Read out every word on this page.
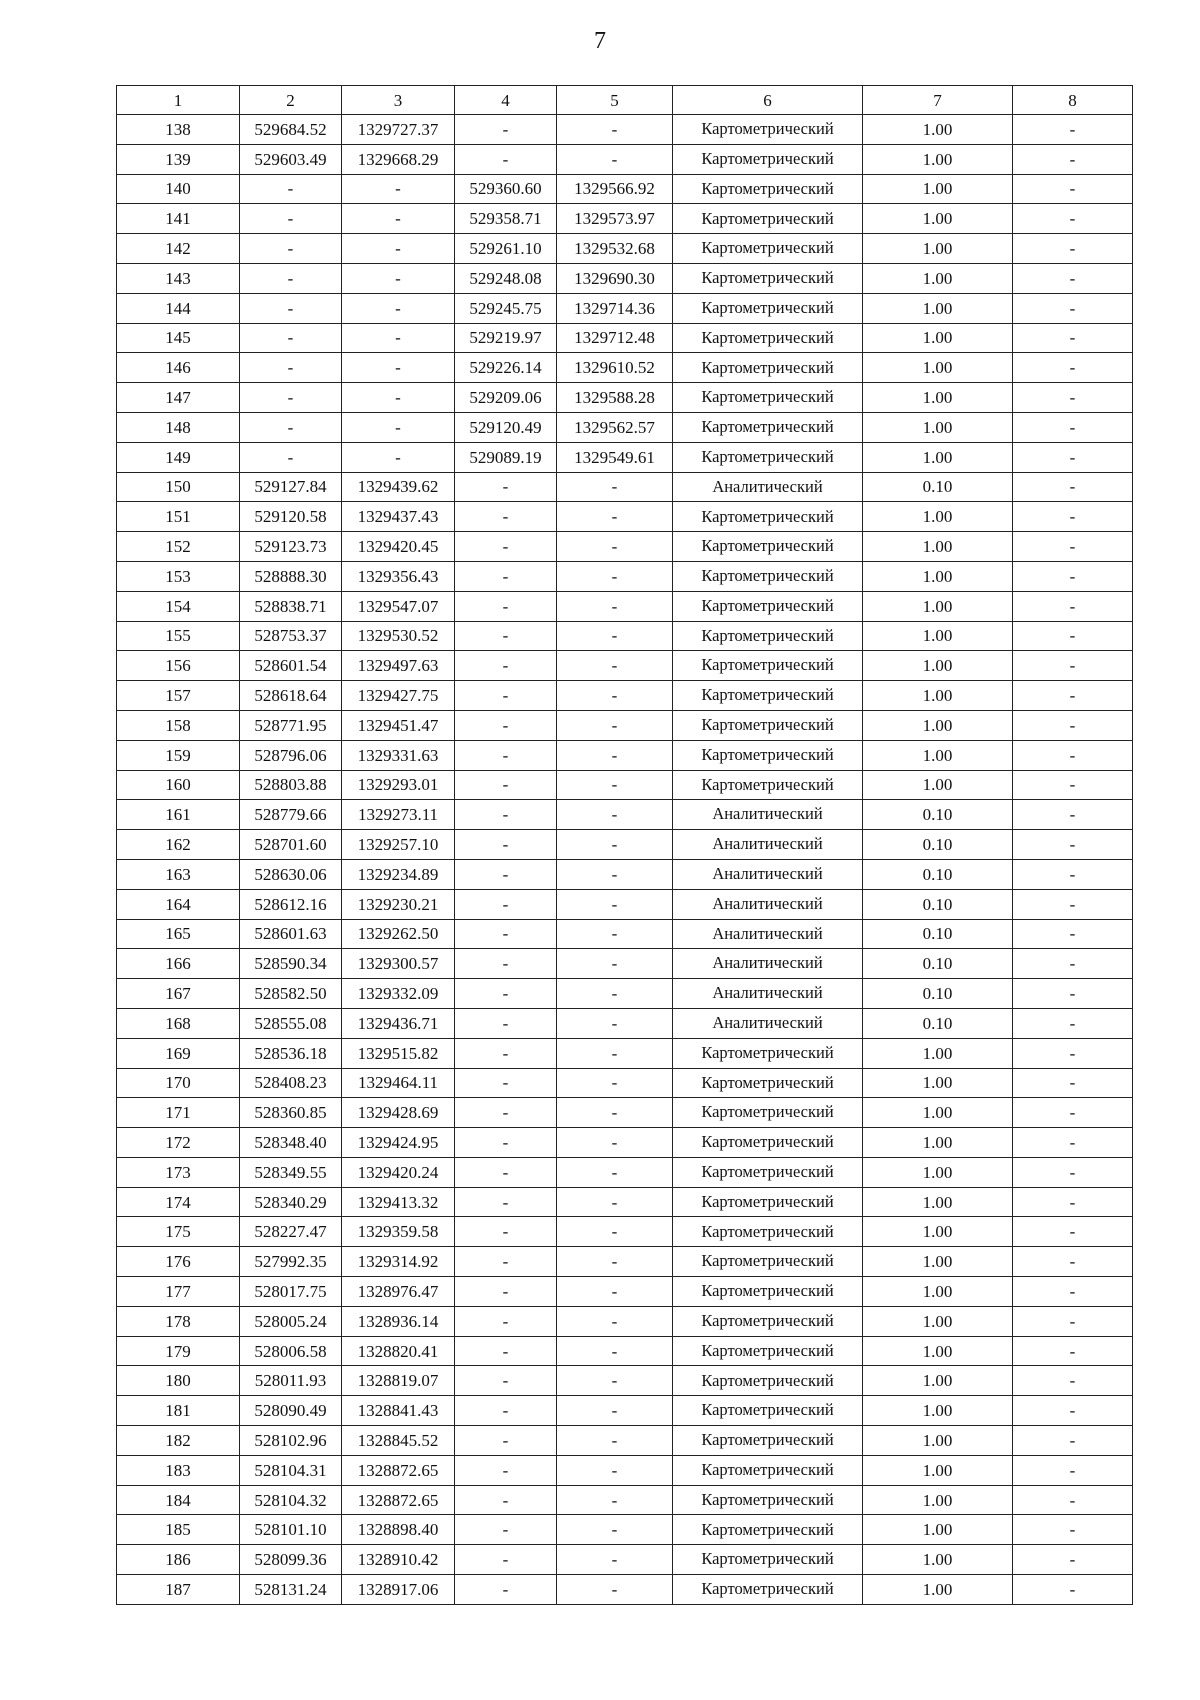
7
1	2	3	4	5	6	7	8
138	529684.52	1329727.37	-	-	Картометрический	1.00	-
139	529603.49	1329668.29	-	-	Картометрический	1.00	-
140	-	-	529360.60	1329566.92	Картометрический	1.00	-
141	-	-	529358.71	1329573.97	Картометрический	1.00	-
142	-	-	529261.10	1329532.68	Картометрический	1.00	-
143	-	-	529248.08	1329690.30	Картометрический	1.00	-
144	-	-	529245.75	1329714.36	Картометрический	1.00	-
145	-	-	529219.97	1329712.48	Картометрический	1.00	-
146	-	-	529226.14	1329610.52	Картометрический	1.00	-
147	-	-	529209.06	1329588.28	Картометрический	1.00	-
148	-	-	529120.49	1329562.57	Картометрический	1.00	-
149	-	-	529089.19	1329549.61	Картометрический	1.00	-
150	529127.84	1329439.62	-	-	Аналитический	0.10	-
151	529120.58	1329437.43	-	-	Картометрический	1.00	-
152	529123.73	1329420.45	-	-	Картометрический	1.00	-
153	528888.30	1329356.43	-	-	Картометрический	1.00	-
154	528838.71	1329547.07	-	-	Картометрический	1.00	-
155	528753.37	1329530.52	-	-	Картометрический	1.00	-
156	528601.54	1329497.63	-	-	Картометрический	1.00	-
157	528618.64	1329427.75	-	-	Картометрический	1.00	-
158	528771.95	1329451.47	-	-	Картометрический	1.00	-
159	528796.06	1329331.63	-	-	Картометрический	1.00	-
160	528803.88	1329293.01	-	-	Картометрический	1.00	-
161	528779.66	1329273.11	-	-	Аналитический	0.10	-
162	528701.60	1329257.10	-	-	Аналитический	0.10	-
163	528630.06	1329234.89	-	-	Аналитический	0.10	-
164	528612.16	1329230.21	-	-	Аналитический	0.10	-
165	528601.63	1329262.50	-	-	Аналитический	0.10	-
166	528590.34	1329300.57	-	-	Аналитический	0.10	-
167	528582.50	1329332.09	-	-	Аналитический	0.10	-
168	528555.08	1329436.71	-	-	Аналитический	0.10	-
169	528536.18	1329515.82	-	-	Картометрический	1.00	-
170	528408.23	1329464.11	-	-	Картометрический	1.00	-
171	528360.85	1329428.69	-	-	Картометрический	1.00	-
172	528348.40	1329424.95	-	-	Картометрический	1.00	-
173	528349.55	1329420.24	-	-	Картометрический	1.00	-
174	528340.29	1329413.32	-	-	Картометрический	1.00	-
175	528227.47	1329359.58	-	-	Картометрический	1.00	-
176	527992.35	1329314.92	-	-	Картометрический	1.00	-
177	528017.75	1328976.47	-	-	Картометрический	1.00	-
178	528005.24	1328936.14	-	-	Картометрический	1.00	-
179	528006.58	1328820.41	-	-	Картометрический	1.00	-
180	528011.93	1328819.07	-	-	Картометрический	1.00	-
181	528090.49	1328841.43	-	-	Картометрический	1.00	-
182	528102.96	1328845.52	-	-	Картометрический	1.00	-
183	528104.31	1328872.65	-	-	Картометрический	1.00	-
184	528104.32	1328872.65	-	-	Картометрический	1.00	-
185	528101.10	1328898.40	-	-	Картометрический	1.00	-
186	528099.36	1328910.42	-	-	Картометрический	1.00	-
187	528131.24	1328917.06	-	-	Картометрический	1.00	-
